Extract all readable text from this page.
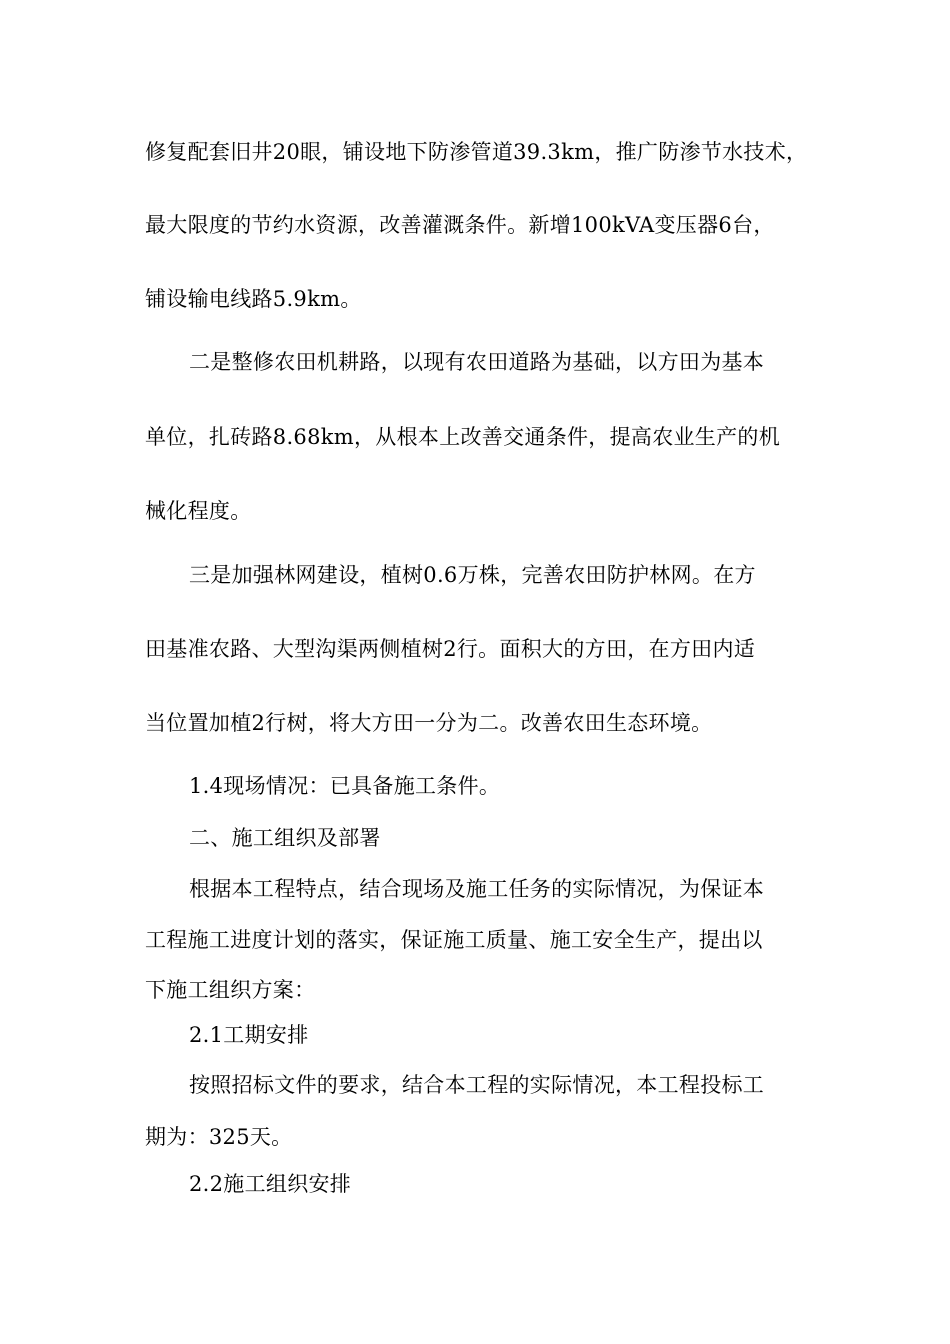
修复配套旧井20眼，铺设地下防渗管道39.3km，推广防渗节水技术，
最大限度的节约水资源，改善灌溉条件。新增100kVA变压器6台，
铺设输电线路5.9km。
二是整修农田机耕路，以现有农田道路为基础，以方田为基本
单位，扎砖路8.68km，从根本上改善交通条件，提高农业生产的机
械化程度。
三是加强林网建设，植树0.6万株，完善农田防护林网。在方
田基准农路、大型沟渠两侧植树2行。面积大的方田，在方田内适
当位置加植2行树，将大方田一分为二。改善农田生态环境。
1.4现场情况：已具备施工条件。
二、施工组织及部署
根据本工程特点，结合现场及施工任务的实际情况，为保证本
工程施工进度计划的落实，保证施工质量、施工安全生产，提出以
下施工组织方案：
2.1工期安排
按照招标文件的要求，结合本工程的实际情况，本工程投标工
期为：325天。
2.2施工组织安排
